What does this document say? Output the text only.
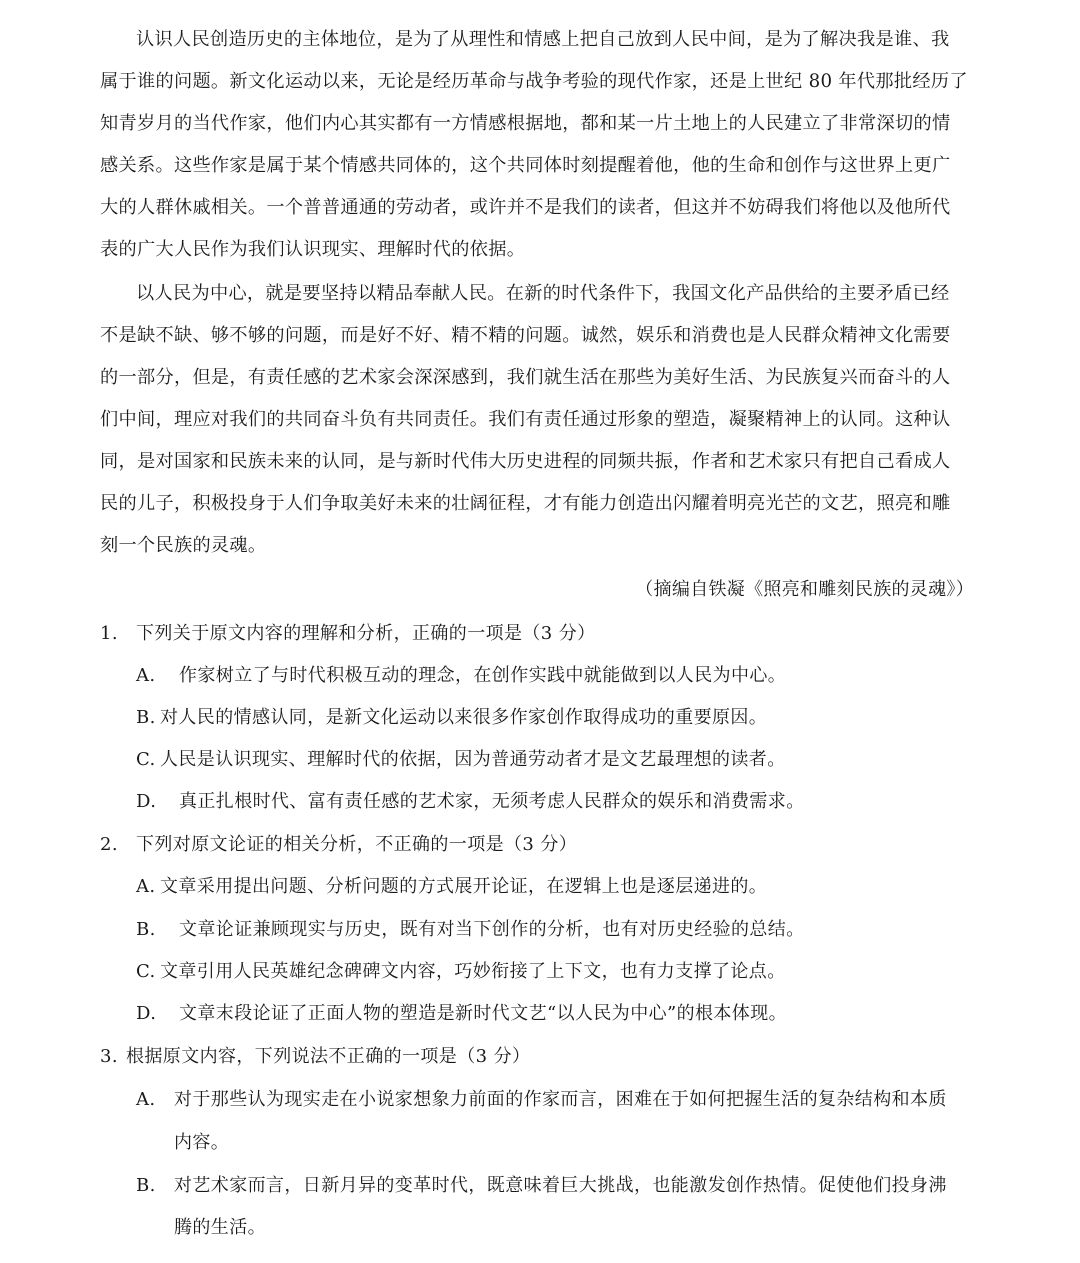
认识人民创造历史的主体地位，是为了从理性和情感上把自己放到人民中间，是为了解决我是谁、我
属于谁的问题。新文化运动以来，无论是经历革命与战争考验的现代作家，还是上世纪 80 年代那批经历了
知青岁月的当代作家，他们内心其实都有一方情感根据地，都和某一片土地上的人民建立了非常深切的情
感关系。这些作家是属于某个情感共同体的，这个共同体时刻提醒着他，他的生命和创作与这世界上更广
大的人群休戚相关。一个普普通通的劳动者，或许并不是我们的读者，但这并不妨碍我们将他以及他所代
表的广大人民作为我们认识现实、理解时代的依据。
以人民为中心，就是要坚持以精品奉献人民。在新的时代条件下，我国文化产品供给的主要矛盾已经
不是缺不缺、够不够的问题，而是好不好、精不精的问题。诚然，娱乐和消费也是人民群众精神文化需要
的一部分，但是，有责任感的艺术家会深深感到，我们就生活在那些为美好生活、为民族复兴而奋斗的人
们中间，理应对我们的共同奋斗负有共同责任。我们有责任通过形象的塑造，凝聚精神上的认同。这种认
同，是对国家和民族未来的认同，是与新时代伟大历史进程的同频共振，作者和艺术家只有把自己看成人
民的儿子，积极投身于人们争取美好未来的壮阔征程，才有能力创造出闪耀着明亮光芒的文艺，照亮和雕
刻一个民族的灵魂。
（摘编自铁凝《照亮和雕刻民族的灵魂》）
1. 下列关于原文内容的理解和分析，正确的一项是（3 分）
A. 作家树立了与时代积极互动的理念，在创作实践中就能做到以人民为中心。
B. 对人民的情感认同，是新文化运动以来很多作家创作取得成功的重要原因。
C. 人民是认识现实、理解时代的依据，因为普通劳动者才是文艺最理想的读者。
D. 真正扎根时代、富有责任感的艺术家，无须考虑人民群众的娱乐和消费需求。
2. 下列对原文论证的相关分析，不正确的一项是（3 分）
A. 文章采用提出问题、分析问题的方式展开论证，在逻辑上也是逐层递进的。
B. 文章论证兼顾现实与历史，既有对当下创作的分析，也有对历史经验的总结。
C. 文章引用人民英雄纪念碑碑文内容，巧妙衔接了上下文，也有力支撑了论点。
D. 文章末段论证了正面人物的塑造是新时代文艺“以人民为中心”的根本体现。
3. 根据原文内容，下列说法不正确的一项是（3 分）
A. 对于那些认为现实走在小说家想象力前面的作家而言，困难在于如何把握生活的复杂结构和本质
内容。
B. 对艺术家而言，日新月异的变革时代，既意味着巨大挑战，也能激发创作热情。促使他们投身沸
腾的生活。
